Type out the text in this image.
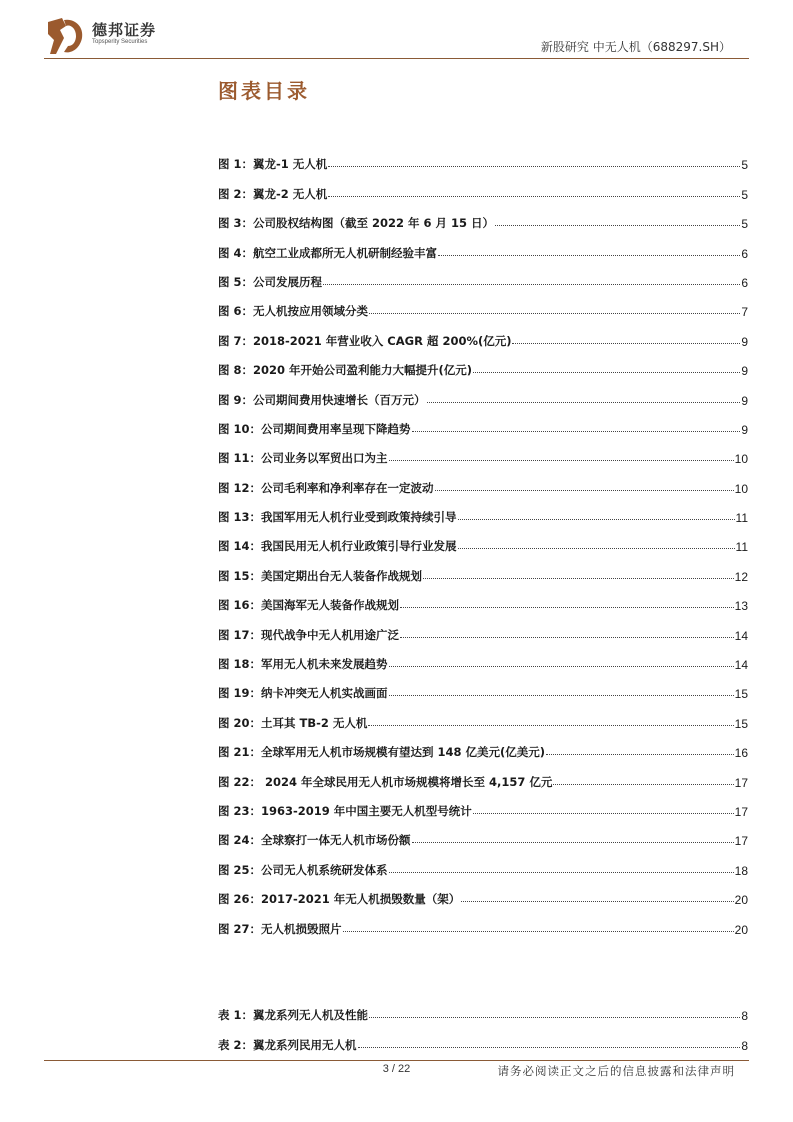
德邦证券
Topsperity Securities	新股研究 中无人机（688297.SH）
图表目录
图 1：翼龙-1 无人机	5
图 2：翼龙-2 无人机	5
图 3：公司股权结构图（截至 2022 年 6 月 15 日）	5
图 4：航空工业成都所无人机研制经验丰富	6
图 5：公司发展历程	6
图 6：无人机按应用领域分类	7
图 7：2018-2021 年营业收入 CAGR 超 200%(亿元)	9
图 8：2020 年开始公司盈利能力大幅提升(亿元)	9
图 9：公司期间费用快速增长（百万元）	9
图 10：公司期间费用率呈现下降趋势	9
图 11：公司业务以军贸出口为主	10
图 12：公司毛利率和净利率存在一定波动	10
图 13：我国军用无人机行业受到政策持续引导	11
图 14：我国民用无人机行业政策引导行业发展	11
图 15：美国定期出台无人装备作战规划	12
图 16：美国海军无人装备作战规划	13
图 17：现代战争中无人机用途广泛	14
图 18：军用无人机未来发展趋势	14
图 19：纳卡冲突无人机实战画面	15
图 20：土耳其 TB-2 无人机	15
图 21：全球军用无人机市场规模有望达到 148 亿美元(亿美元)	16
图 22： 2024 年全球民用无人机市场规模将增长至 4,157 亿元	17
图 23：1963-2019 年中国主要无人机型号统计	17
图 24：全球察打一体无人机市场份额	17
图 25：公司无人机系统研发体系	18
图 26：2017-2021 年无人机损毁数量（架）	20
图 27：无人机损毁照片	20
表 1：翼龙系列无人机及性能	8
表 2：翼龙系列民用无人机	8
3 / 22	请务必阅读正文之后的信息披露和法律声明
